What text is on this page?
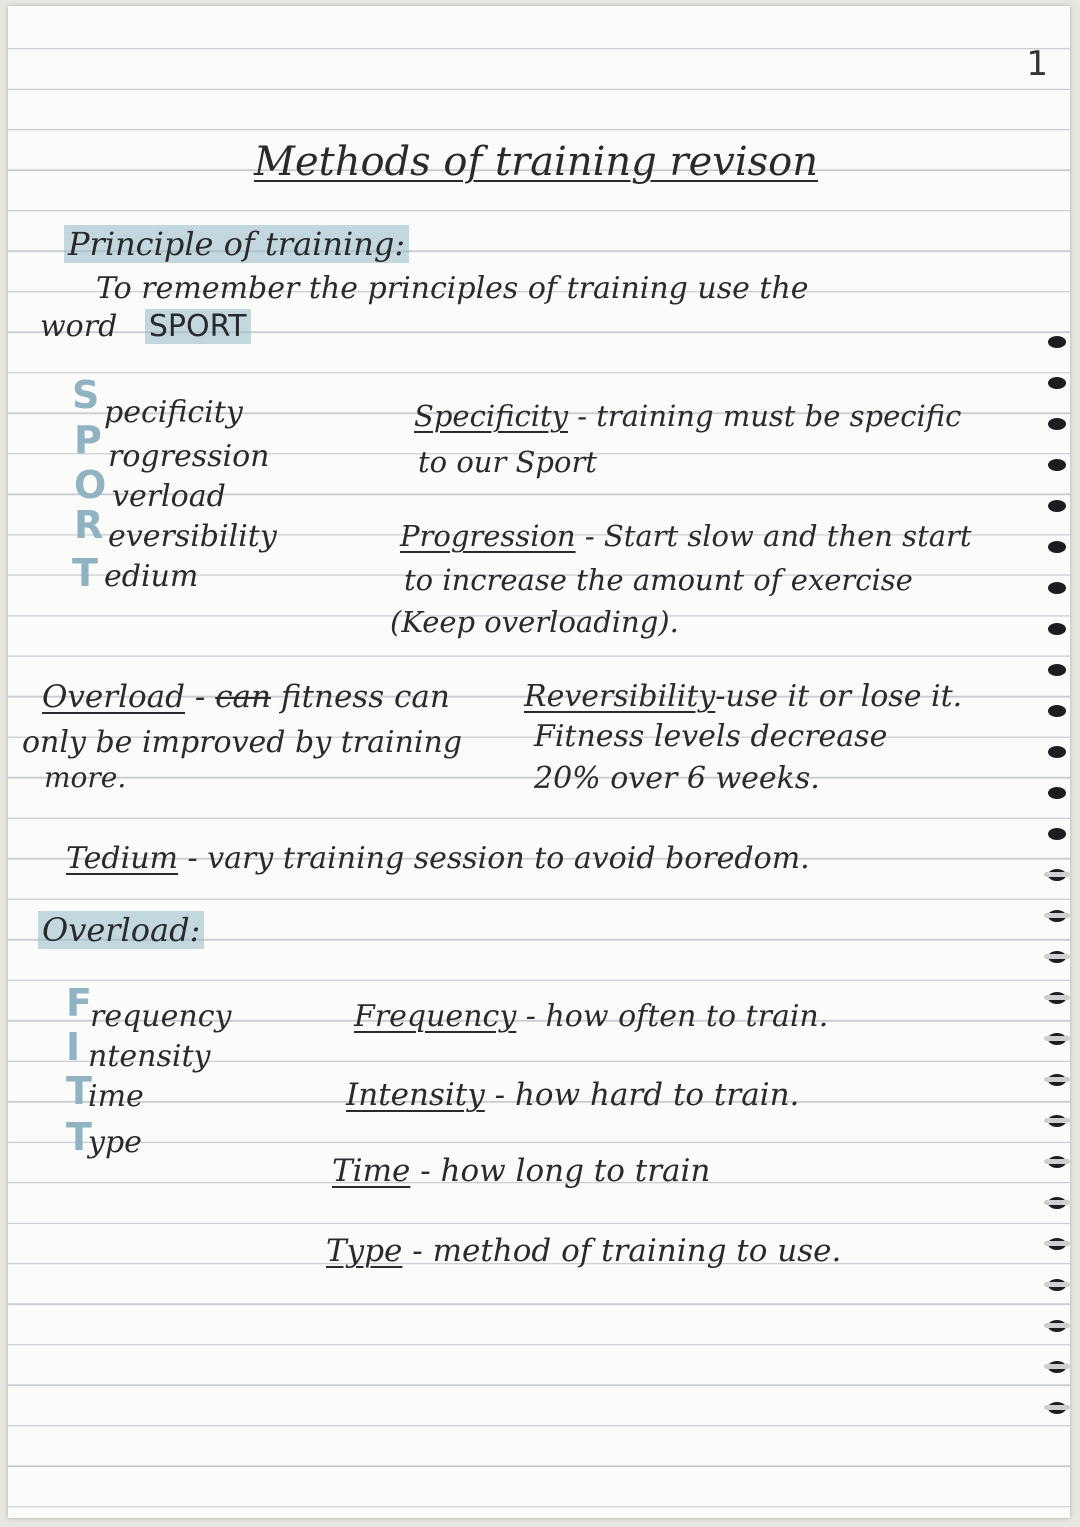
1
Methods of training revison
Principle of training:
To remember the principles of training use the
word SPORT
S pecificity
P rogression
O verload
R eversibility
T edium
Specificity - training must be specific
to our Sport
Progression - Start slow and then start
to increase the amount of exercise
(Keep overloading).
Overload - can fitness can
only be improved by training
more.
Reversibility-use it or lose it.
Fitness levels decrease
20% over 6 weeks.
Tedium - vary training session to avoid boredom.
Overload:
F
requency
I ntensity
T
ime
T
ype
Frequency - how often to train.
Intensity - how hard to train.
Time - how long to train
Type - method of training to use.
